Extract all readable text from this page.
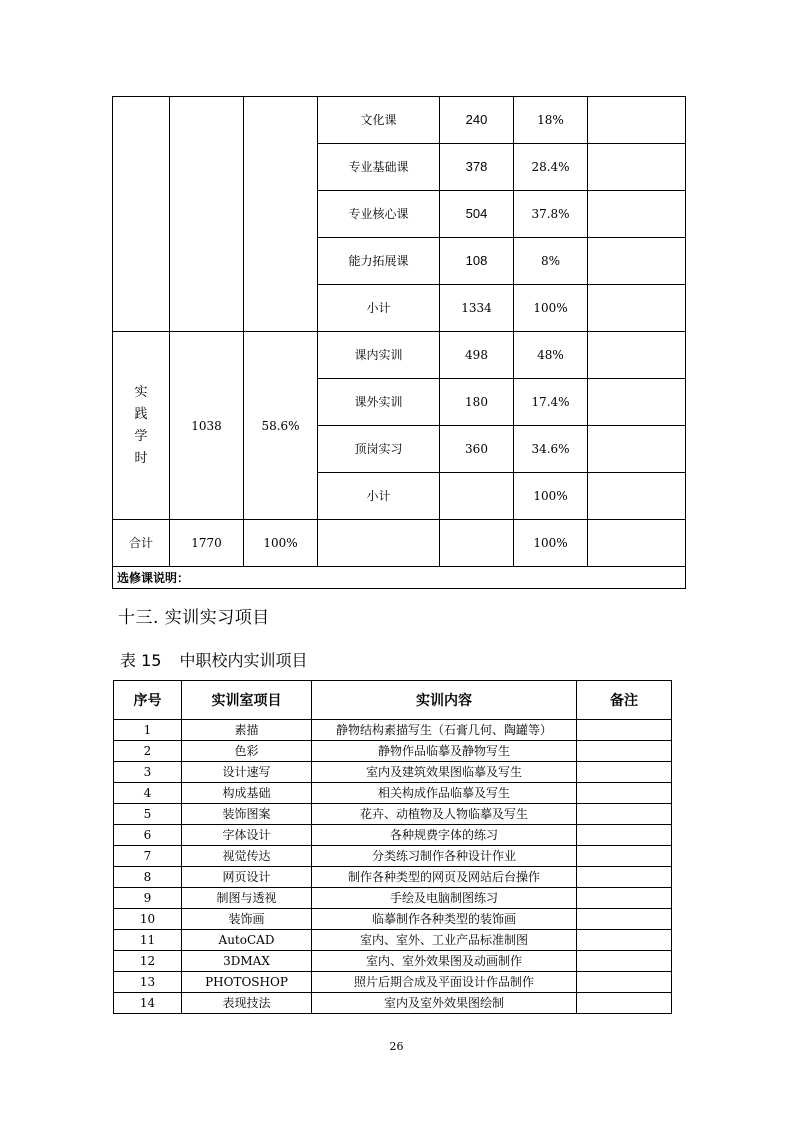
			文化课	240	18%	
			专业基础课	378	28.4%	
			专业核心课	504	37.8%	
			能力拓展课	108	8%	
			小计	1334	100%	
实践学时	1038	58.6%	课内实训	498	48%	
			课外实训	180	17.4%	
			顶岗实习	360	34.6%	
			小计		100%	
合计	1770	100%			100%	
选修课说明：						
十三. 实训实习项目
表 15 中职校内实训项目
序号	实训室项目	实训内容	备注
1	素描	静物结构素描写生（石膏几何、陶罐等）	
2	色彩	静物作品临摹及静物写生	
3	设计速写	室内及建筑效果图临摹及写生	
4	构成基础	相关构成作品临摹及写生	
5	装饰图案	花卉、动植物及人物临摹及写生	
6	字体设计	各种规费字体的练习	
7	视觉传达	分类练习制作各种设计作业	
8	网页设计	制作各种类型的网页及网站后台操作	
9	制图与透视	手绘及电脑制图练习	
10	装饰画	临摹制作各种类型的装饰画	
11	AutoCAD	室内、室外、工业产品标准制图	
12	3DMAX	室内、室外效果图及动画制作	
13	PHOTOSHOP	照片后期合成及平面设计作品制作	
14	表现技法	室内及室外效果图绘制	
26
